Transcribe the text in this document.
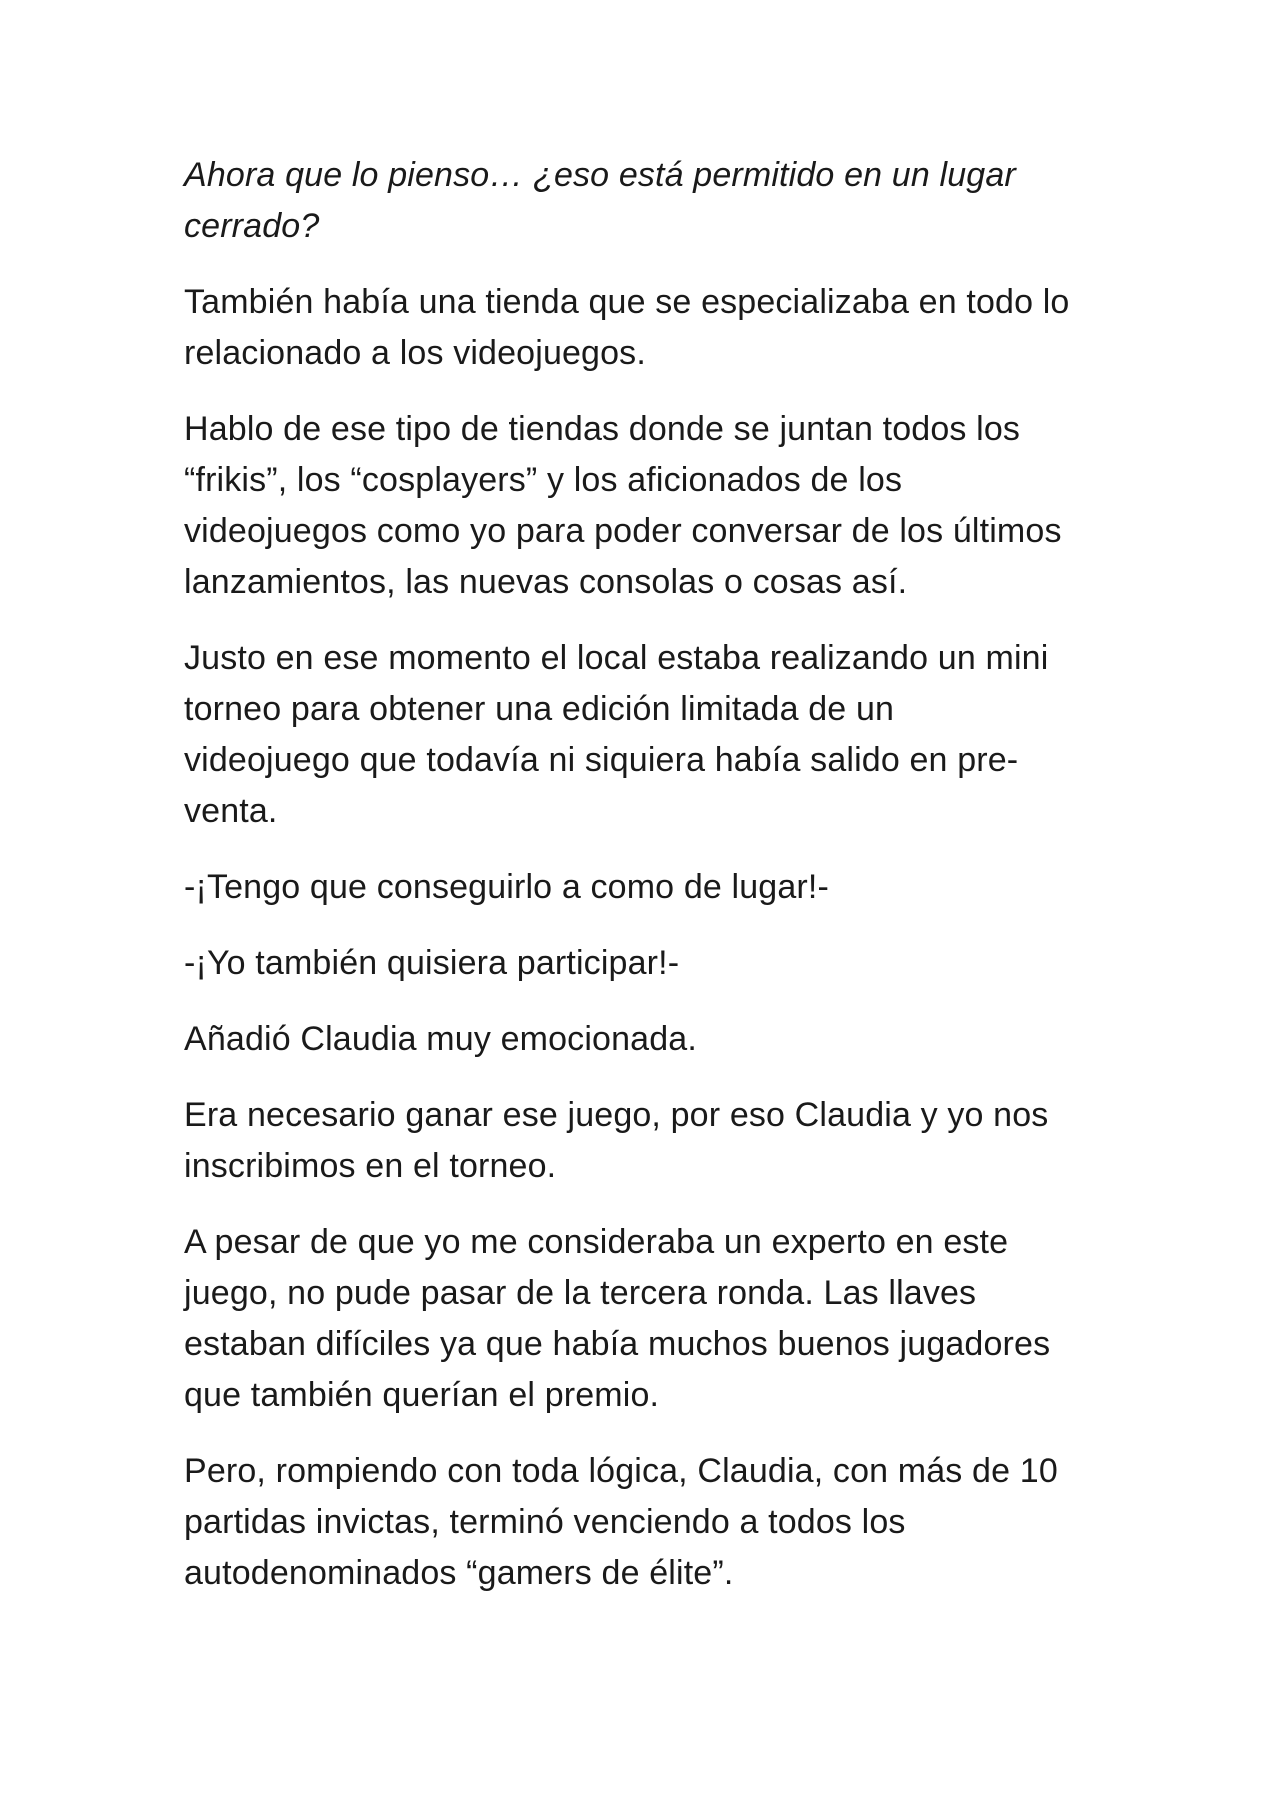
Ahora que lo pienso… ¿eso está permitido en un lugar
cerrado?

También había una tienda que se especializaba en todo lo
relacionado a los videojuegos.

Hablo de ese tipo de tiendas donde se juntan todos los
“frikis”, los “cosplayers” y los aficionados de los
videojuegos como yo para poder conversar de los últimos
lanzamientos, las nuevas consolas o cosas así.

Justo en ese momento el local estaba realizando un mini
torneo para obtener una edición limitada de un
videojuego que todavía ni siquiera había salido en pre-
venta.

-¡Tengo que conseguirlo a como de lugar!-

-¡Yo también quisiera participar!-

Añadió Claudia muy emocionada.

Era necesario ganar ese juego, por eso Claudia y yo nos
inscribimos en el torneo.

A pesar de que yo me consideraba un experto en este
juego, no pude pasar de la tercera ronda. Las llaves
estaban difíciles ya que había muchos buenos jugadores
que también querían el premio.

Pero, rompiendo con toda lógica, Claudia, con más de 10
partidas invictas, terminó venciendo a todos los
autodenominados “gamers de élite”.
